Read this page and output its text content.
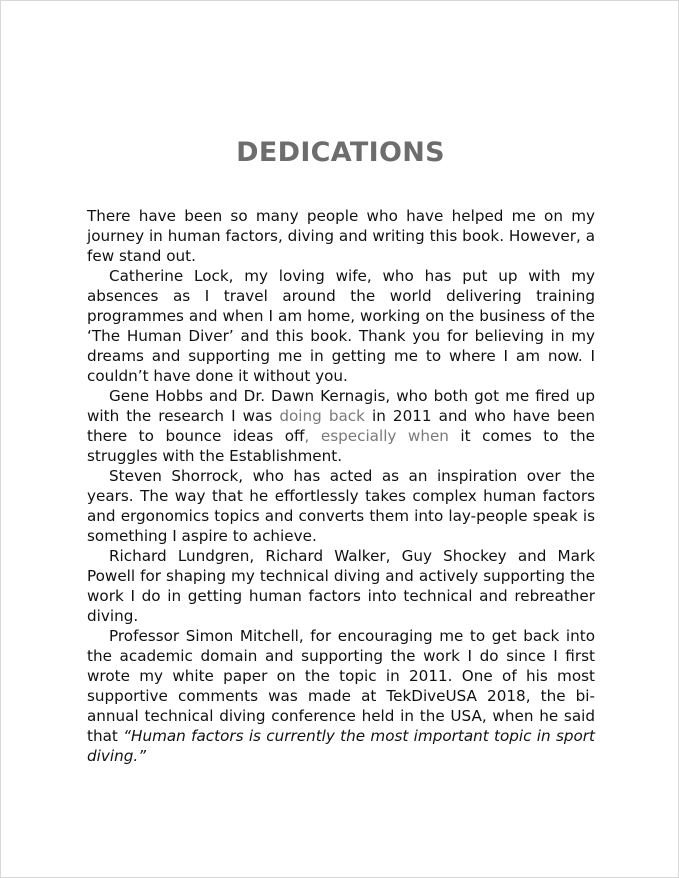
DEDICATIONS

There have been so many people who have helped me on my journey in human factors, diving and writing this book. However, a few stand out.

Catherine Lock, my loving wife, who has put up with my absences as I travel around the world delivering training programmes and when I am home, working on the business of the ‘The Human Diver’ and this book. Thank you for believing in my dreams and supporting me in getting me to where I am now. I couldn’t have done it without you.

Gene Hobbs and Dr. Dawn Kernagis, who both got me fired up with the research I was doing back in 2011 and who have been there to bounce ideas off, especially when it comes to the struggles with the Establishment.

Steven Shorrock, who has acted as an inspiration over the years. The way that he effortlessly takes complex human factors and ergonomics topics and converts them into lay-people speak is something I aspire to achieve.

Richard Lundgren, Richard Walker, Guy Shockey and Mark Powell for shaping my technical diving and actively supporting the work I do in getting human factors into technical and rebreather diving.

Professor Simon Mitchell, for encouraging me to get back into the academic domain and supporting the work I do since I first wrote my white paper on the topic in 2011. One of his most supportive comments was made at TekDiveUSA 2018, the bi-annual technical diving conference held in the USA, when he said that “Human factors is currently the most important topic in sport diving.”
